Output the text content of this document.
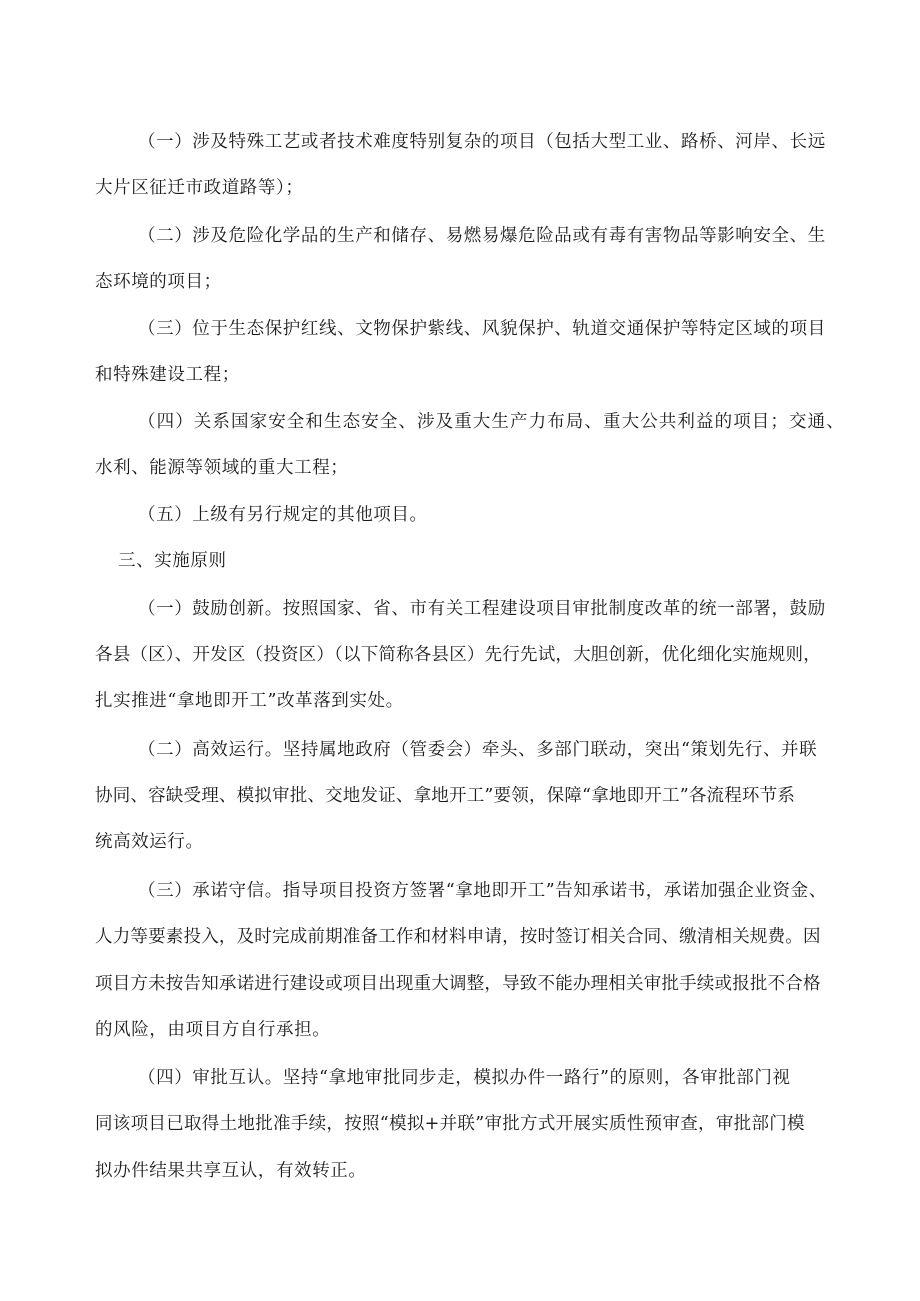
（一）涉及特殊工艺或者技术难度特别复杂的项目（包括大型工业、路桥、河岸、长远
大片区征迁市政道路等）；
（二）涉及危险化学品的生产和储存、易燃易爆危险品或有毒有害物品等影响安全、生
态环境的项目；
（三）位于生态保护红线、文物保护紫线、风貌保护、轨道交通保护等特定区域的项目
和特殊建设工程；
（四）关系国家安全和生态安全、涉及重大生产力布局、重大公共利益的项目；交通、
水利、能源等领域的重大工程；
（五）上级有另行规定的其他项目。
三、实施原则
（一）鼓励创新。按照国家、省、市有关工程建设项目审批制度改革的统一部署，鼓励
各县（区）、开发区（投资区）（以下简称各县区）先行先试，大胆创新，优化细化实施规则，
扎实推进“拿地即开工”改革落到实处。
（二）高效运行。坚持属地政府（管委会）牵头、多部门联动，突出“策划先行、并联
协同、容缺受理、模拟审批、交地发证、拿地开工”要领，保障“拿地即开工”各流程环节系
统高效运行。
（三）承诺守信。指导项目投资方签署“拿地即开工”告知承诺书，承诺加强企业资金、
人力等要素投入，及时完成前期准备工作和材料申请，按时签订相关合同、缴清相关规费。因
项目方未按告知承诺进行建设或项目出现重大调整，导致不能办理相关审批手续或报批不合格
的风险，由项目方自行承担。
（四）审批互认。坚持“拿地审批同步走，模拟办件一路行”的原则，各审批部门视
同该项目已取得土地批准手续，按照“模拟+并联”审批方式开展实质性预审查，审批部门模
拟办件结果共享互认，有效转正。
